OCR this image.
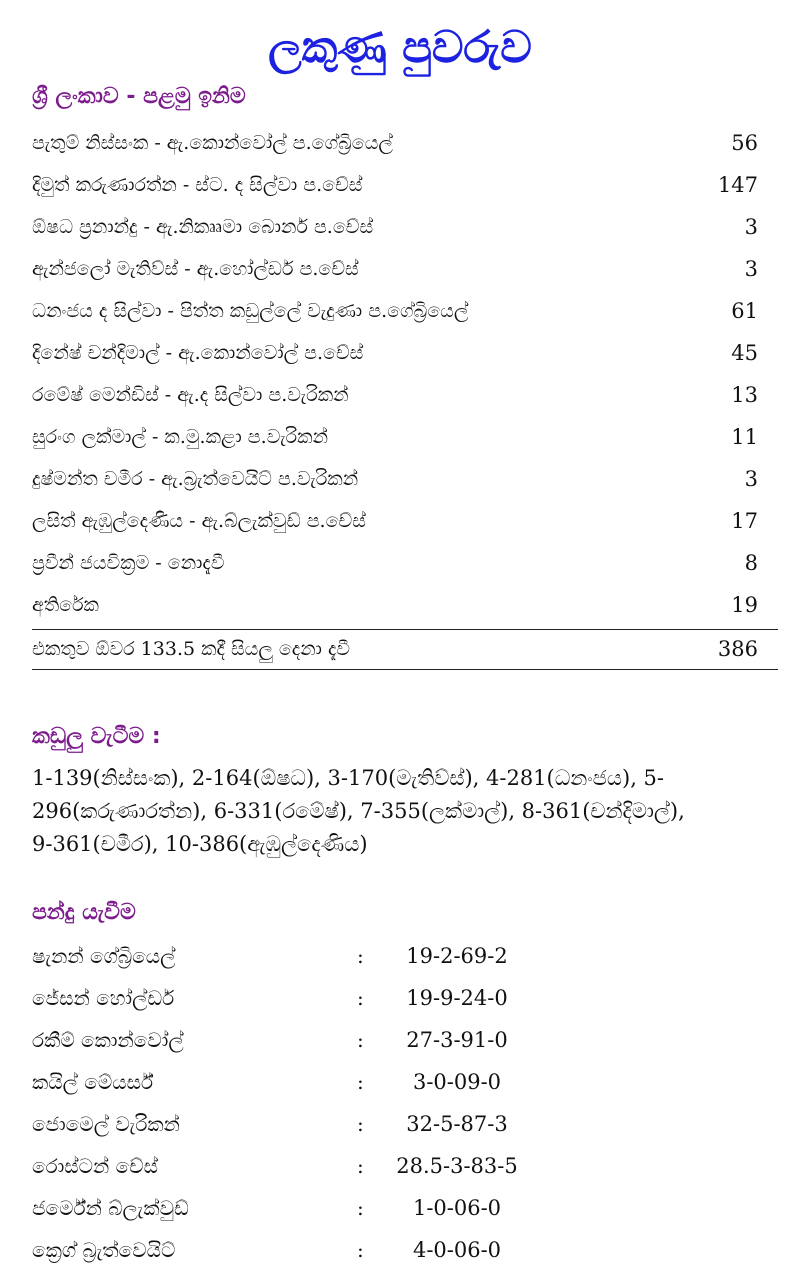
ලකුණු පුවරුව
ශ්‍රී ලංකාව - පළමු ඉනිම
පැතුම් නිස්සංක - ඇ.කොන්වෝල් ප.ගේබ්‍රියෙල්	56
දිමුත් කරුණාරත්න - ස්ට. ද සිල්වා ප.චේස්	147
ඕෂධ ප්‍රනාන්දු - ඇ.නිකෲමා බොනර් ප.චේස්	3
ඇන්ජලෝ මැතිව්ස් - ඇ.හෝල්ඩර් ප.චේස්	3
ධනංජය ද සිල්වා - පිත්ත කඩුල්ලේ වැදුණා ප.ගේබ්‍රියෙල්	61
දිනේෂ් චන්දිමාල් - ඇ.කොන්වෝල් ප.චේස්	45
රමේෂ් මෙන්ඩිස් - ඇ.ද සිල්වා ප.වැරිකන්	13
සුරංග ලක්මාල් - ක.මු.කළා ප.වැරිකන්	11
දුෂ්මන්ත චමීර - ඇ.බ්‍රැත්වෙයිට් ප.වැරිකන්	3
ලසිත් ඇඹුල්දෙණිය - ඇ.බ්ලැක්වුඩ් ප.චේස්	17
ප්‍රවීන් ජයවික්‍රම - නොදැවී	8
අතිරේක	19
එකතුව ඕවර 133.5 කදී සියලු දෙනා දැවී	386
කඩුලු වැටීම :
1-139(නිස්සංක), 2-164(ඕෂධ), 3-170(මැතිව්ස්), 4-281(ධනංජය), 5-
296(කරුණාරත්න), 6-331(රමේෂ්), 7-355(ලක්මාල්), 8-361(චන්දිමාල්),
9-361(චමීර), 10-386(ඇඹුල්දෙණිය)
පන්දු යැවීම
ෂැනන් ගේබ්‍රියෙල්	:	19-2-69-2
ජේසන් හෝල්ඩර්	:	19-9-24-0
රකීම් කොන්වෝල්	:	27-3-91-0
කයිල් මේයර්ස්	:	3-0-09-0
ජොමෙල් වැරිකන්	:	32-5-87-3
රොස්ටන් චේස්	:	28.5-3-83-5
ජර්මේන් බ්ලැක්වුඩ්	:	1-0-06-0
ක්‍රෙග් බ්‍රැත්වෙයිට්	:	4-0-06-0
